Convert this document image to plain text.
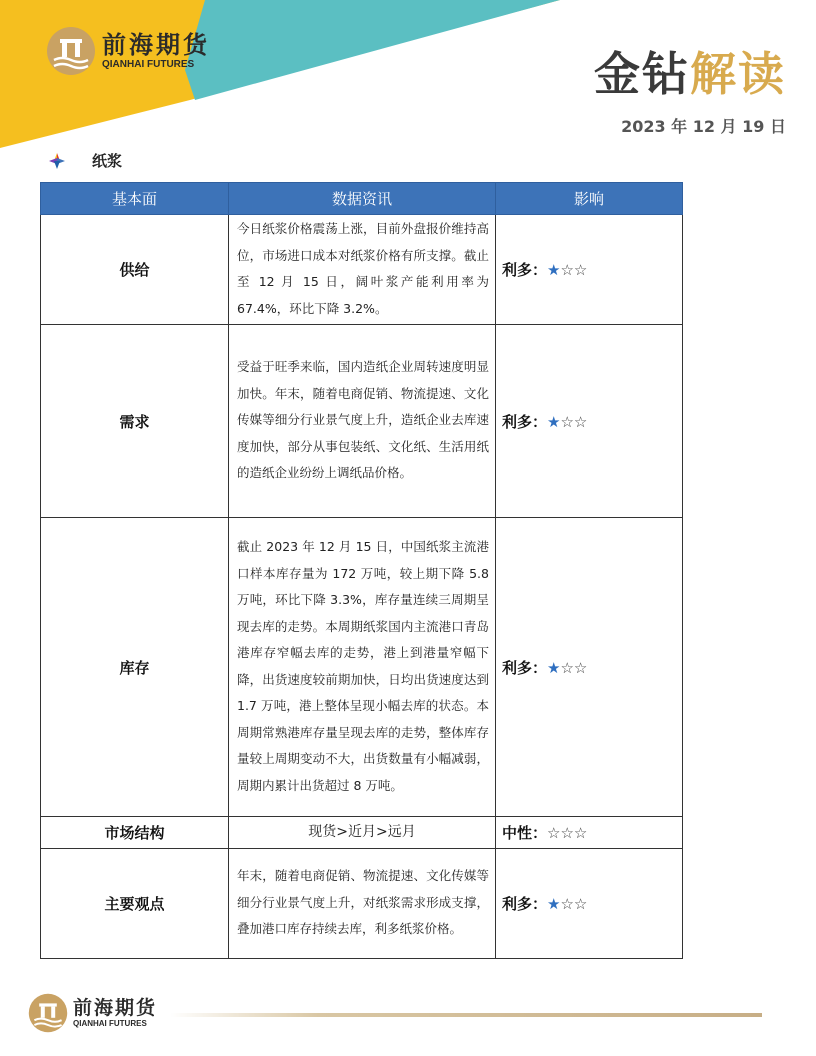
前海期货
QIANHAI FUTURES	金钻解读
2023 年 12 月 19 日
纸浆
基本面	数据资讯	影响
供给	今日纸浆价格震荡上涨，目前外盘报价维持高位，市场进口成本对纸浆价格有所支撑。截止至 12 月 15 日，阔叶浆产能利用率为 67.4%，环比下降 3.2%。	利多：★☆☆
需求	受益于旺季来临，国内造纸企业周转速度明显加快。年末，随着电商促销、物流提速、文化传媒等细分行业景气度上升，造纸企业去库速度加快，部分从事包装纸、文化纸、生活用纸的造纸企业纷纷上调纸品价格。	利多：★☆☆
库存	截止 2023 年 12 月 15 日，中国纸浆主流港口样本库存量为 172 万吨，较上期下降 5.8 万吨，环比下降 3.3%，库存量连续三周期呈现去库的走势。本周期纸浆国内主流港口青岛港库存窄幅去库的走势，港上到港量窄幅下降，出货速度较前期加快，日均出货速度达到 1.7 万吨，港上整体呈现小幅去库的状态。本周期常熟港库存量呈现去库的走势，整体库存量较上周期变动不大，出货数量有小幅减弱，周期内累计出货超过 8 万吨。	利多：★☆☆
市场结构	现货>近月>远月	中性：☆☆☆
主要观点	年末，随着电商促销、物流提速、文化传媒等细分行业景气度上升，对纸浆需求形成支撑，叠加港口库存持续去库，利多纸浆价格。	利多：★☆☆
前海期货
QIANHAI FUTURES
